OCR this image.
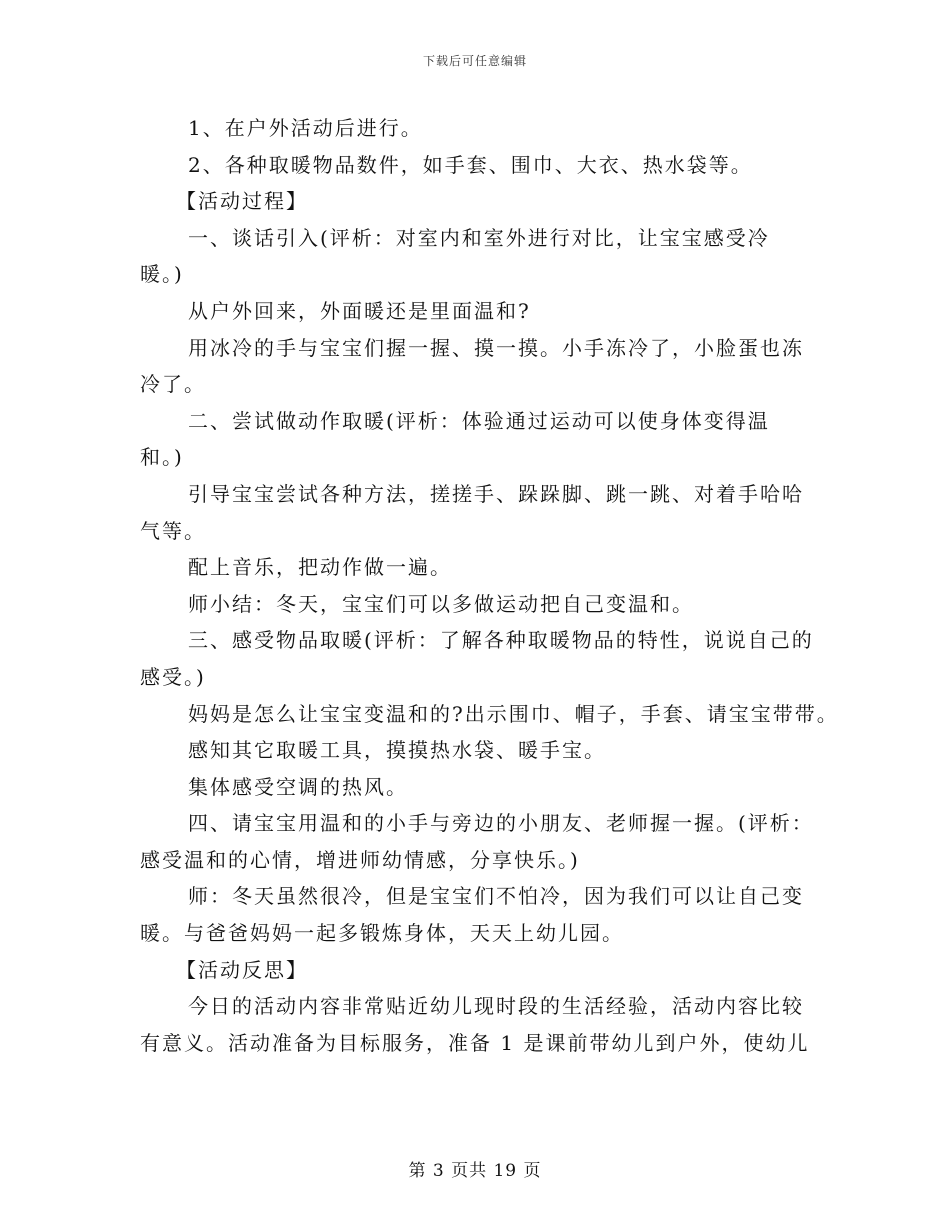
下载后可任意编辑

1、在户外活动后进行。

2、各种取暖物品数件，如手套、围巾、大衣、热水袋等。

【活动过程】

一、谈话引入(评析：对室内和室外进行对比，让宝宝感受冷

暖。)

从户外回来，外面暖还是里面温和?

用冰冷的手与宝宝们握一握、摸一摸。小手冻冷了，小脸蛋也冻

冷了。

二、尝试做动作取暖(评析：体验通过运动可以使身体变得温

和。)

引导宝宝尝试各种方法，搓搓手、跺跺脚、跳一跳、对着手哈哈

气等。

配上音乐，把动作做一遍。

师小结：冬天，宝宝们可以多做运动把自己变温和。

三、感受物品取暖(评析：了解各种取暖物品的特性，说说自己的

感受。)

妈妈是怎么让宝宝变温和的?出示围巾、帽子，手套、请宝宝带带。

感知其它取暖工具，摸摸热水袋、暖手宝。

集体感受空调的热风。

四、请宝宝用温和的小手与旁边的小朋友、老师握一握。(评析：

感受温和的心情，增进师幼情感，分享快乐。)

师：冬天虽然很冷，但是宝宝们不怕冷，因为我们可以让自己变

暖。与爸爸妈妈一起多锻炼身体，天天上幼儿园。

【活动反思】

今日的活动内容非常贴近幼儿现时段的生活经验，活动内容比较

有意义。活动准备为目标服务，准备 1 是课前带幼儿到户外，使幼儿

第 3 页共 19 页
